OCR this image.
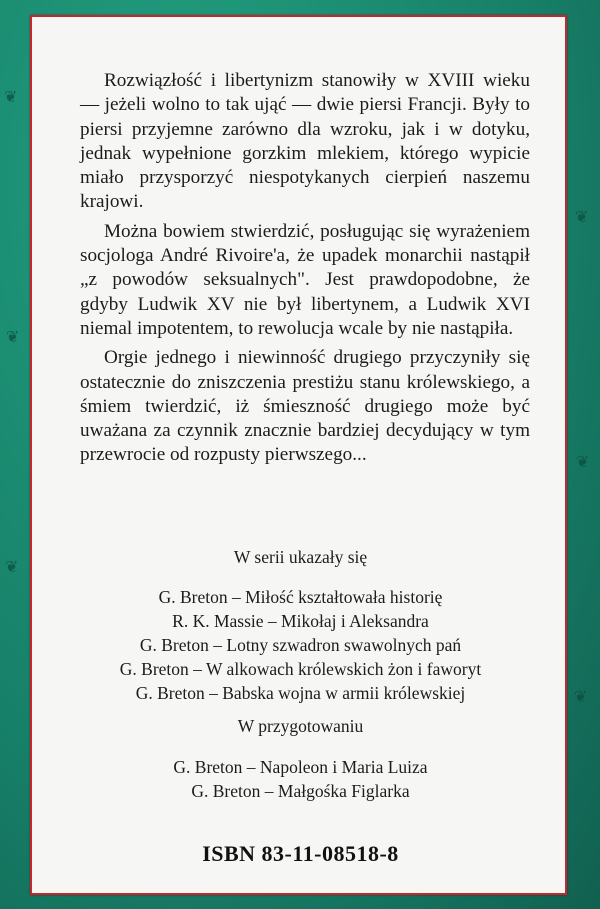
❦
❦
❦
❦
❦
❦

Rozwiązłość i libertynizm stanowiły w XVIII wieku — jeżeli wolno to tak ująć — dwie piersi Francji. Były to piersi przyjemne zarówno dla wzroku, jak i w dotyku, jednak wypełnione gorzkim mlekiem, którego wypicie miało przysporzyć niespotykanych cierpień naszemu krajowi.

Można bowiem stwierdzić, posługując się wyrażeniem socjologa André Rivoire'a, że upadek monarchii nastąpił „z powodów seksualnych". Jest prawdopodobne, że gdyby Ludwik XV nie był libertynem, a Ludwik XVI niemal impotentem, to rewolucja wcale by nie nastąpiła.

Orgie jednego i niewinność drugiego przyczyniły się ostatecznie do zniszczenia prestiżu stanu królewskiego, a śmiem twierdzić, iż śmieszność drugiego może być uważana za czynnik znacznie bardziej decydujący w tym przewrocie od rozpusty pierwszego...

W serii ukazały się
G. Breton – Miłość kształtowała historię
R. K. Massie – Mikołaj i Aleksandra
G. Breton – Lotny szwadron swawolnych pań
G. Breton – W alkowach królewskich żon i faworyt
G. Breton – Babska wojna w armii królewskiej
W przygotowaniu
G. Breton – Napoleon i Maria Luiza
G. Breton – Małgośka Figlarka
ISBN 83-11-08518-8
